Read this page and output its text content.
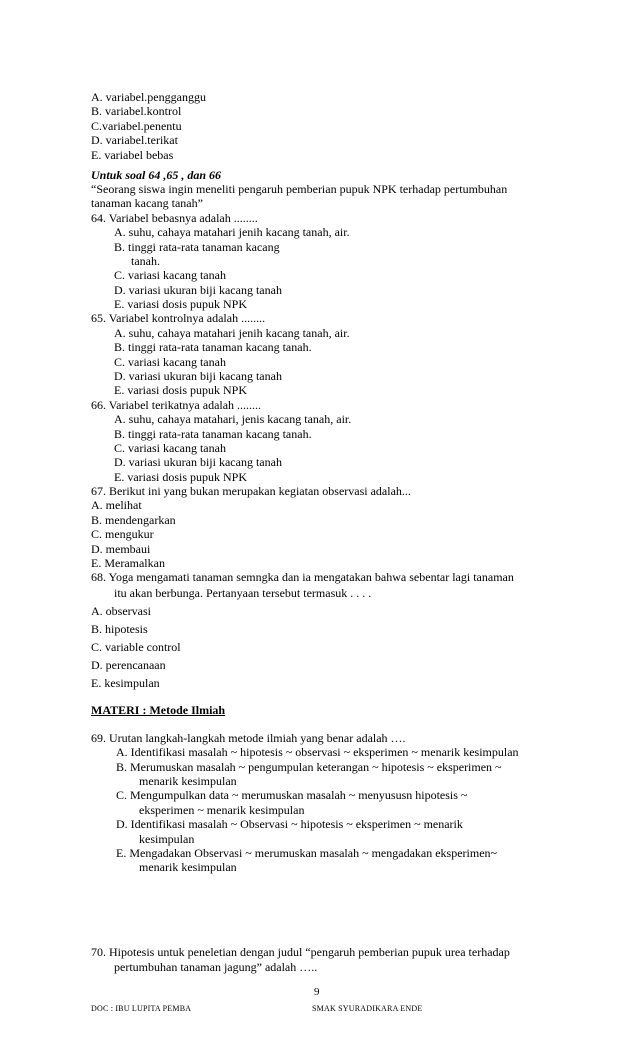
A. variabel.pengganggu
B. variabel.kontrol
C.variabel.penentu
D. variabel.terikat
E. variabel bebas
Untuk soal 64 ,65 , dan 66
“Seorang siswa ingin meneliti pengaruh pemberian pupuk NPK terhadap pertumbuhan
tanaman kacang tanah”
64. Variabel bebasnya adalah ........
A. suhu, cahaya matahari jenih kacang tanah, air.
B. tinggi rata-rata tanaman kacang
tanah.
C. variasi kacang tanah
D. variasi ukuran biji kacang tanah
E. variasi dosis pupuk NPK
65. Variabel kontrolnya adalah ........
A. suhu, cahaya matahari jenih kacang tanah, air.
B. tinggi rata-rata tanaman kacang tanah.
C. variasi kacang tanah
D. variasi ukuran biji kacang tanah
E. variasi dosis pupuk NPK
66. Variabel terikatnya adalah ........
A. suhu, cahaya matahari, jenis kacang tanah, air.
B. tinggi rata-rata tanaman kacang tanah.
C. variasi kacang tanah
D. variasi ukuran biji kacang tanah
E. variasi dosis pupuk NPK
67. Berikut ini yang bukan merupakan kegiatan observasi adalah...
A. melihat
B. mendengarkan
C. mengukur
D. membaui
E. Meramalkan
68. Yoga mengamati tanaman semngka dan ia mengatakan bahwa sebentar lagi tanaman
itu akan berbunga. Pertanyaan tersebut termasuk . . . .
A. observasi
B. hipotesis
C. variable control
D. perencanaan
E. kesimpulan
MATERI : Metode Ilmiah
69. Urutan langkah-langkah metode ilmiah yang benar adalah ….
A. Identifikasi masalah ~ hipotesis ~ observasi ~ eksperimen ~ menarik kesimpulan
B. Merumuskan masalah ~ pengumpulan keterangan ~ hipotesis ~ eksperimen ~
menarik kesimpulan
C. Mengumpulkan data ~ merumuskan masalah ~ menyususn hipotesis ~
eksperimen ~ menarik kesimpulan
D. Identifikasi masalah ~ Observasi ~ hipotesis ~ eksperimen ~ menarik
kesimpulan
E. Mengadakan Observasi ~ merumuskan masalah ~ mengadakan eksperimen~
menarik kesimpulan
70. Hipotesis untuk peneletian dengan judul “pengaruh pemberian pupuk urea terhadap
pertumbuhan tanaman jagung” adalah …..
9
DOC : IBU LUPITA PEMBA	SMAK SYURADIKARA ENDE
